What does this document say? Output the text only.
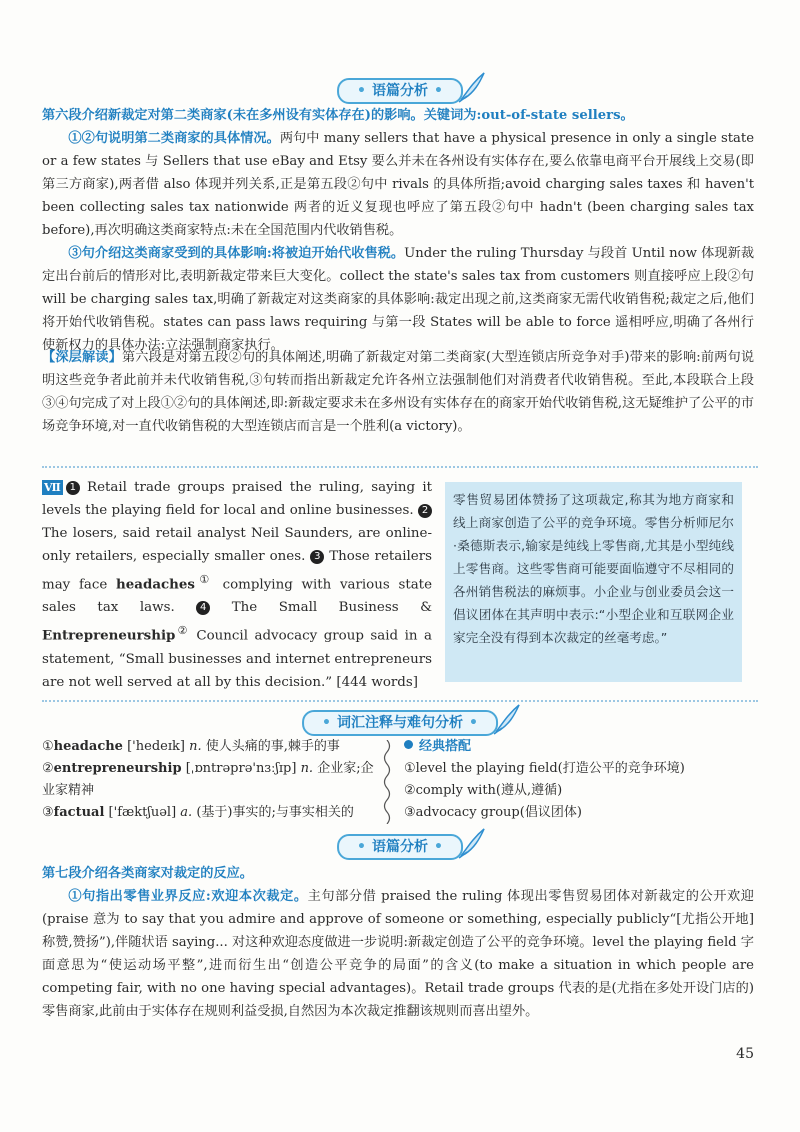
• 语篇分析 •

第六段介绍新裁定对第二类商家(未在多州设有实体存在)的影响。关键词为:out-of-state sellers。

①②句说明第二类商家的具体情况。两句中 many sellers that have a physical presence in only a single state or a few states 与 Sellers that use eBay and Etsy 要么并未在各州设有实体存在,要么依靠电商平台开展线上交易(即第三方商家),两者借 also 体现并列关系,正是第五段②句中 rivals 的具体所指;avoid charging sales taxes 和 haven't been collecting sales tax nationwide 两者的近义复现也呼应了第五段②句中 hadn't (been charging sales tax before),再次明确这类商家特点:未在全国范围内代收销售税。

③句介绍这类商家受到的具体影响:将被迫开始代收售税。Under the ruling Thursday 与段首 Until now 体现新裁定出台前后的情形对比,表明新裁定带来巨大变化。collect the state's sales tax from customers 则直接呼应上段②句 will be charging sales tax,明确了新裁定对这类商家的具体影响:裁定出现之前,这类商家无需代收销售税;裁定之后,他们将开始代收销售税。states can pass laws requiring 与第一段 States will be able to force 遥相呼应,明确了各州行使新权力的具体办法:立法强制商家执行。

【深层解读】第六段是对第五段②句的具体阐述,明确了新裁定对第二类商家(大型连锁店所竞争对手)带来的影响:前两句说明这些竞争者此前并未代收销售税,③句转而指出新裁定允许各州立法强制他们对消费者代收销售税。至此,本段联合上段③④句完成了对上段①②句的具体阐述,即:新裁定要求未在多州设有实体存在的商家开始代收销售税,这无疑维护了公平的市场竞争环境,对一直代收销售税的大型连锁店而言是一个胜利(a victory)。

Ⅶ 1 Retail trade groups praised the ruling, saying it levels the playing field for local and online businesses. 2 The losers, said retail analyst Neil Saunders, are online-only retailers, especially smaller ones. 3 Those retailers may face headaches① complying with various state sales tax laws.	4 The Small Business & Entrepreneurship② Council advocacy group said in a statement, “Small businesses and internet entrepreneurs are not well served at all by this decision.” [444 words]

零售贸易团体赞扬了这项裁定,称其为地方商家和线上商家创造了公平的竞争环境。零售分析师尼尔·桑德斯表示,输家是纯线上零售商,尤其是小型纯线上零售商。这些零售商可能要面临遵守不尽相同的各州销售税法的麻烦事。小企业与创业委员会这一倡议团体在其声明中表示:“小型企业和互联网企业家完全没有得到本次裁定的丝毫考虑。”
• 词汇注释与难句分析 •
①headache ['hedeɪk] n. 使人头痛的事,棘手的事
②entrepreneurship [ˌɒntrəprə'nɜːʃɪp] n. 企业家;企业家精神
③factual ['fæktʃuəl] a. (基于)事实的;与事实相关的
经典搭配
①level the playing field(打造公平的竞争环境)
②comply with(遵从,遵循)
③advocacy group(倡议团体)
• 语篇分析 •

第七段介绍各类商家对裁定的反应。

①句指出零售业界反应:欢迎本次裁定。主句部分借 praised the ruling 体现出零售贸易团体对新裁定的公开欢迎(praise 意为 to say that you admire and approve of someone or something, especially publicly“[尤指公开地]称赞,赞扬”),伴随状语 saying... 对这种欢迎态度做进一步说明:新裁定创造了公平的竞争环境。level the playing field 字面意思为“使运动场平整”,进而衍生出“创造公平竞争的局面”的含义(to make a situation in which people are competing fair, with no one having special advantages)。Retail trade groups 代表的是(尤指在多处开设门店的)零售商家,此前由于实体存在规则利益受损,自然因为本次裁定推翻该规则而喜出望外。

45
